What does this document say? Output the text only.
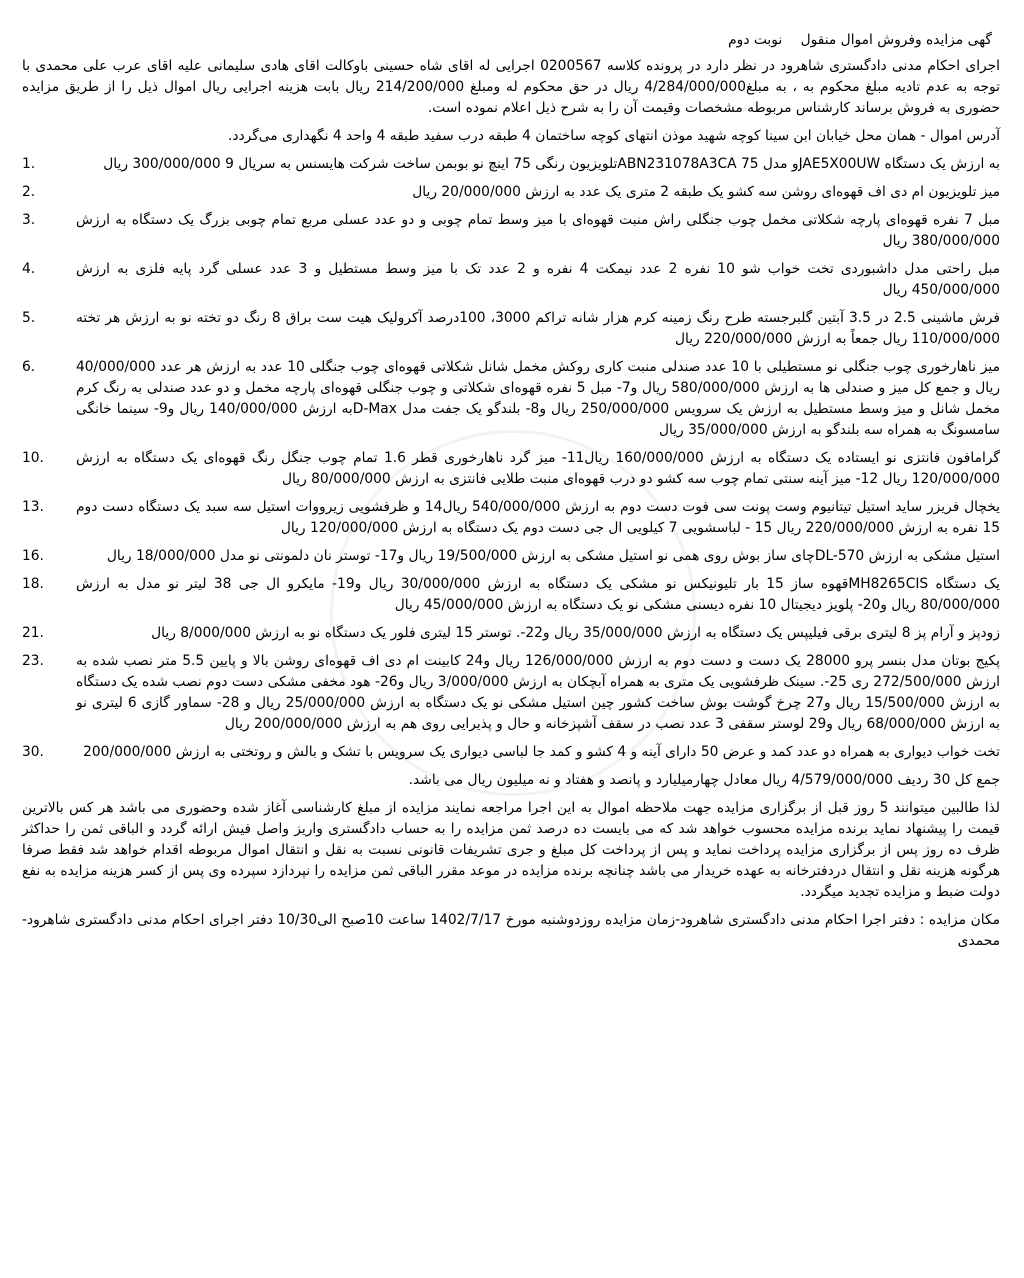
گهی مزایده وفروش اموال منقول نوبت دوم

اجرای احکام مدنی دادگستری شاهرود در نظر دارد در پرونده کلاسه 0200567 اجرایی له اقای شاه حسینی باوکالت اقای هادی سلیمانی علیه اقای عرب علی محمدی با توجه به عدم تادیه مبلغ محکوم به ، به مبلغ4/284/000/000 ریال در حق محکوم له ومبلغ 214/200/000 ریال بابت هزینه اجرایی ریال اموال ذیل را از طریق مزایده حضوری به فروش برساند کارشناس مربوطه مشخصات وقیمت آن را به شرح ذیل اعلام نموده است.

آدرس اموال - همان محل خیابان ابن سینا کوچه شهید موذن انتهای کوچه ساختمان 4 طبقه درب سفید طبقه 4 واحد 4 نگهداری می‌گردد.

1.	به ارزش یک دستگاه JAE5X00UWو مدل ABN231078A3CA 75تلویزیون رنگی 75 اینچ نو بوبمن ساخت شرکت هایسنس به سریال 9 300/000/000 ریال
2.	میز تلویزیون ام دی اف قهوه‌ای روشن سه کشو یک طبقه 2 متری یک عدد به ارزش 20/000/000 ریال
3.	مبل 7 نفره قهوه‌ای پارچه شکلاتی مخمل چوب جنگلی راش منبت قهوه‌ای با میز وسط تمام چوبی و دو عدد عسلی مربع تمام چوبی بزرگ یک دستگاه به ارزش 380/000/000 ریال
4.	مبل راحتی مدل داشبوردی تخت خواب شو 10 نفره 2 عدد نیمکت 4 نفره و 2 عدد تک با میز وسط مستطیل و 3 عدد عسلی گرد پایه فلزی به ارزش 450/000/000 ریال
5.	فرش ماشینی 2.5 در 3.5 آبتین گلبرجسته طرح رنگ زمینه کرم هزار شانه تراکم 3000، 100درصد آکرولیک هیت ست براق 8 رنگ دو تخته نو به ارزش هر تخته 110/000/000 ریال جمعاً به ارزش 220/000/000 ریال
6.	میز ناهارخوری چوب جنگلی نو مستطیلی با 10 عدد صندلی منبت کاری روکش مخمل شانل شکلاتی قهوه‌ای چوب جنگلی 10 عدد به ارزش هر عدد 40/000/000 ریال و جمع کل میز و صندلی ها به ارزش 580/000/000 ریال و7- مبل 5 نفره قهوه‌ای شکلاتی و چوب جنگلی قهوه‌ای پارچه مخمل و دو عدد صندلی به رنگ کرم مخمل شانل و میز وسط مستطیل به ارزش یک سرویس 250/000/000 ریال و8- بلندگو یک جفت مدل D-Maxبه ارزش 140/000/000 ریال و9- سینما خانگی سامسونگ به همراه سه بلندگو به ارزش 35/000/000 ریال
10.	گرامافون فانتزی نو ایستاده یک دستگاه به ارزش 160/000/000 ریال11- میز گرد ناهارخوری قطر 1.6 تمام چوب جنگل رنگ قهوه‌ای یک دستگاه به ارزش 120/000/000 ریال 12- میز آینه سنتی تمام چوب سه کشو دو درب قهوه‌ای منبت طلایی فانتزی به ارزش 80/000/000 ریال
13.	یخچال فریزر ساید استیل تیتانیوم وست پونت سی فوت دست دوم به ارزش 540/000/000 ریال14 و ظرفشویی زیرووات استیل سه سبد یک دستگاه دست دوم 15 نفره به ارزش 220/000/000 ریال 15 - لباسشویی 7 کیلویی ال جی دست دوم یک دستگاه به ارزش 120/000/000 ریال
16.	استیل مشکی به ارزش DL-570چای ساز بوش روی همی نو استیل مشکی به ارزش 19/500/000 ریال و17- توستر نان دلمونتی نو مدل 18/000/000 ریال
18.	یک دستگاه MH8265CISقهوه ساز 15 بار تلیونیکس نو مشکی یک دستگاه به ارزش 30/000/000 ریال و19- مایکرو ال جی 38 لیتر نو مدل به ارزش 80/000/000 ریال و20- پلویز دیجیتال 10 نفره دیسنی مشکی نو یک دستگاه به ارزش 45/000/000 ریال
21.	زودپز و آرام پز 8 لیتری برقی فیلیپس یک دستگاه به ارزش 35/000/000 ریال و22-. توستر 15 لیتری فلور یک دستگاه نو به ارزش 8/000/000 ریال
23.	پکیج بوتان مدل بنسر پرو 28000 یک دست و دست دوم به ارزش 126/000/000 ریال و24 کابینت ام دی اف قهوه‌ای روشن بالا و پایین 5.5 متر نصب شده به ارزش 272/500/000 ری 25-. سینک ظرفشویی یک متری به همراه آبچکان به ارزش 3/000/000 ریال و26- هود مخفی مشکی دست دوم نصب شده یک دستگاه به ارزش 15/500/000 ریال و27 چرخ گوشت بوش ساخت کشور چین استیل مشکی نو یک دستگاه به ارزش 25/000/000 ریال و 28- سماور گازی 6 لیتری نو به ارزش 68/000/000 ریال و29 لوستر سقفی 3 عدد نصب در سقف آشپزخانه و حال و پذیرایی روی هم به ارزش 200/000/000 ریال
30.	تخت خواب دیواری به همراه دو عدد کمد و عرض 50 دارای آینه و 4 کشو و کمد جا لباسی دیواری یک سرویس با تشک و بالش و روتختی به ارزش 200/000/000

جمع کل 30 ردیف 4/579/000/000 ریال معادل چهارمیلیارد و پانصد و هفتاد و نه میلیون ریال می باشد.

لذا طالبین میتوانند 5 روز قبل از برگزاری مزایده جهت ملاحظه اموال به این اجرا مراجعه نمایند مزایده از مبلغ کارشناسی آغاز شده وحضوری می باشد هر کس بالاترین قیمت را پیشنهاد نماید برنده مزایده محسوب خواهد شد که می بایست ده درصد ثمن مزایده را به حساب دادگستری واریز واصل فیش ارائه گردد و الباقی ثمن را حداکثر ظرف ده روز پس از برگزاری مزایده پرداخت نماید و پس از پرداخت کل مبلغ و جری تشریفات قانونی نسبت به نقل و انتقال اموال مربوطه اقدام خواهد شد فقط صرفا هرگونه هزینه نقل و انتقال دردفترخانه به عهده خریدار می باشد چنانچه برنده مزایده در موعد مقرر الباقی ثمن مزایده را نپردازد سپرده وی پس از کسر هزینه مزایده به نفع دولت ضبط و مزایده تجدید میگردد.

مکان مزایده : دفتر اجرا احکام مدنی دادگستری شاهرود-زمان مزایده روزدوشنبه مورخ 1402/7/17 ساعت 10صبح الی10/30 دفتر اجرای احکام مدنی دادگستری شاهرود-محمدی
